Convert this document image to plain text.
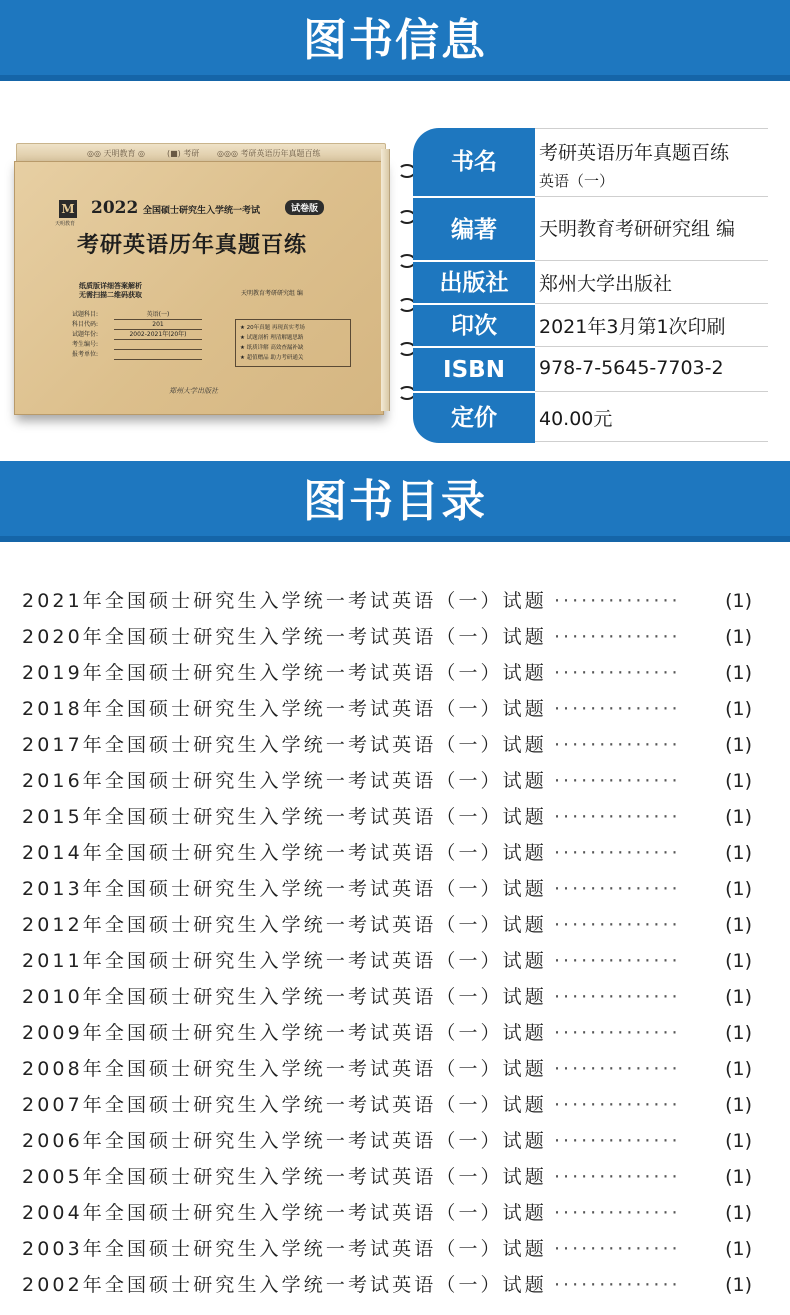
图书信息
◎◎ 天明教育 ◎	(■) 考研 ◎◎◎ 考研英语历年真题百练
M
天明教育
2022 全国硕士研究生入学统一考试	试卷版
考研英语历年真题百练
纸质版详细答案解析
无需扫描二维码获取	天明教育考研研究组 编
试题科目:	英语(一)
科目代码:	201
试题年份:	2002-2021年(20年)
考生编号:
报考单位:
★ 20年真题 再现真实考场
★ 试题剖析 理清解题思路
★ 纸质详解 高效查漏补缺
★ 超值赠品 助力考研通关
郑州大学出版社
书名	考研英语历年真题百练
英语（一）
编著	天明教育考研研究组 编
出版社	郑州大学出版社
印次	2021年3月第1次印刷
ISBN	978-7-5645-7703-2
定价	40.00元
图书目录
2021年全国硕士研究生入学统一考试英语（一）试题 ·············· (1)
2020年全国硕士研究生入学统一考试英语（一）试题 ·············· (1)
2019年全国硕士研究生入学统一考试英语（一）试题 ·············· (1)
2018年全国硕士研究生入学统一考试英语（一）试题 ·············· (1)
2017年全国硕士研究生入学统一考试英语（一）试题 ·············· (1)
2016年全国硕士研究生入学统一考试英语（一）试题 ·············· (1)
2015年全国硕士研究生入学统一考试英语（一）试题 ·············· (1)
2014年全国硕士研究生入学统一考试英语（一）试题 ·············· (1)
2013年全国硕士研究生入学统一考试英语（一）试题 ·············· (1)
2012年全国硕士研究生入学统一考试英语（一）试题 ·············· (1)
2011年全国硕士研究生入学统一考试英语（一）试题 ·············· (1)
2010年全国硕士研究生入学统一考试英语（一）试题 ·············· (1)
2009年全国硕士研究生入学统一考试英语（一）试题 ·············· (1)
2008年全国硕士研究生入学统一考试英语（一）试题 ·············· (1)
2007年全国硕士研究生入学统一考试英语（一）试题 ·············· (1)
2006年全国硕士研究生入学统一考试英语（一）试题 ·············· (1)
2005年全国硕士研究生入学统一考试英语（一）试题 ·············· (1)
2004年全国硕士研究生入学统一考试英语（一）试题 ·············· (1)
2003年全国硕士研究生入学统一考试英语（一）试题 ·············· (1)
2002年全国硕士研究生入学统一考试英语（一）试题 ·············· (1)
